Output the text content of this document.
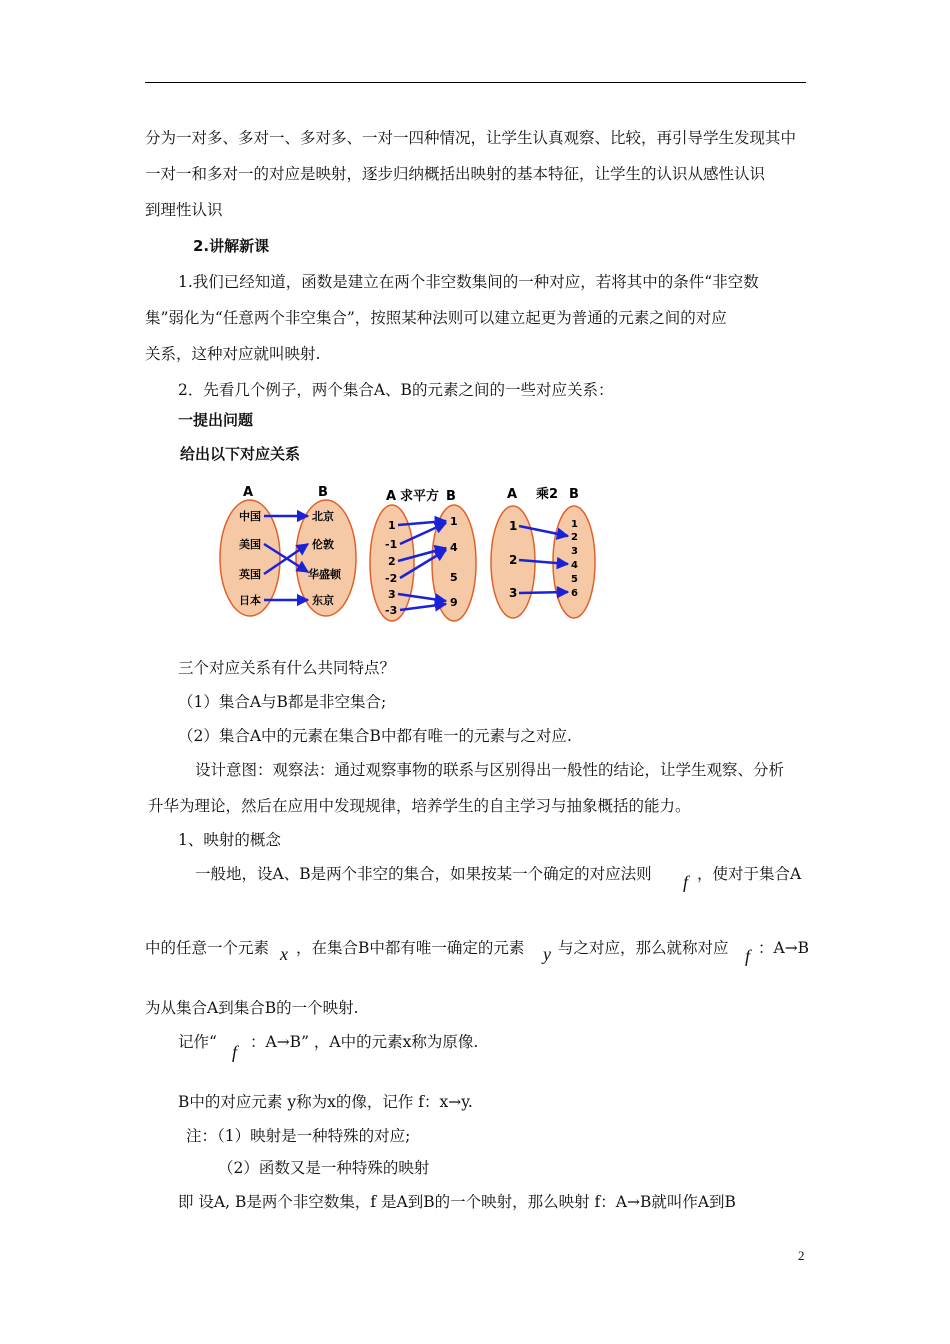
分为一对多、多对一、多对多、一对一四种情况，让学生认真观察、比较，再引导学生发现其中
一对一和多对一的对应是映射，逐步归纳概括出映射的基本特征，让学生的认识从感性认识
到理性认识
2.讲解新课
1.我们已经知道，函数是建立在两个非空数集间的一种对应，若将其中的条件“非空数
集”弱化为“任意两个非空集合”，按照某种法则可以建立起更为普通的元素之间的对应
关系，这种对应就叫映射.
2．先看几个例子，两个集合A、B的元素之间的一些对应关系：
一提出问题
给出以下对应关系
A	B
中国
美国
英国
日本
北京
伦敦
华盛顿
东京
A 求平方 B
1
-1
2
-2
3
-3
1
4
5
9
A 乘2 B
1
2
3
1
2
3
4
5
6
三个对应关系有什么共同特点？
（1）集合A与B都是非空集合;
（2）集合A中的元素在集合B中都有唯一的元素与之对应.
设计意图：观察法：通过观察事物的联系与区别得出一般性的结论，让学生观察、分析
升华为理论，然后在应用中发现规律，培养学生的自主学习与抽象概括的能力。
1、映射的概念
一般地，设A、B是两个非空的集合，如果按某一个确定的对应法则 f ，使对于集合A
中的任意一个元素 x ，在集合B中都有唯一确定的元素 y 与之对应，那么就称对应 f ：A→B
为从集合A到集合B的一个映射.
记作“ f ：A→B” ，A中的元素x称为原像.
B中的对应元素 y称为x的像，记作 f：x→y.
注：（1）映射是一种特殊的对应;
（2）函数又是一种特殊的映射
即 设A, B是两个非空数集，f 是A到B的一个映射，那么映射 f：A→B就叫作A到B
2
